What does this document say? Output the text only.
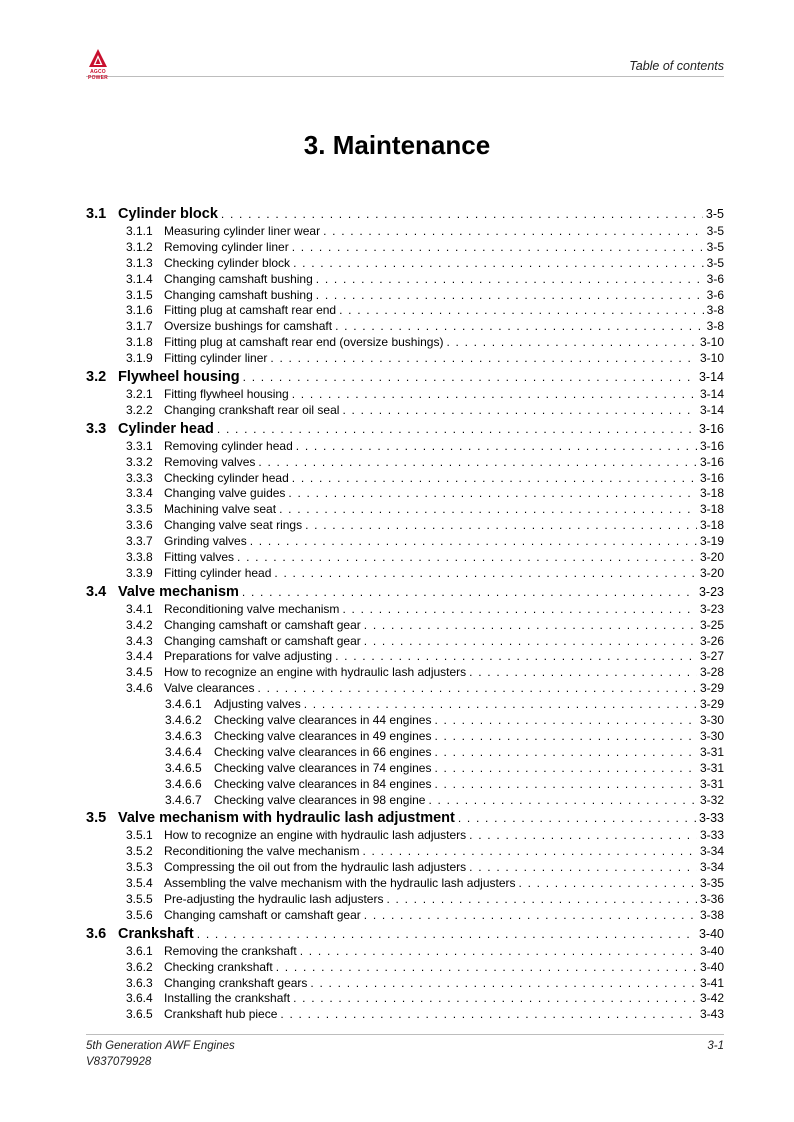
AGCO POWER
Table of contents
3. Maintenance
3.1 Cylinder block . . .	3-5
3.1.1 Measuring cylinder liner wear . . .	3-5
3.1.2 Removing cylinder liner . . .	3-5
3.1.3 Checking cylinder block . . .	3-5
3.1.4 Changing camshaft bushing . . .	3-6
3.1.5 Changing camshaft bushing . . .	3-6
3.1.6 Fitting plug at camshaft rear end . . .	3-8
3.1.7 Oversize bushings for camshaft . . .	3-8
3.1.8 Fitting plug at camshaft rear end (oversize bushings) . . .	3-10
3.1.9 Fitting cylinder liner . . .	3-10
3.2 Flywheel housing . . .	3-14
3.2.1 Fitting flywheel housing . . .	3-14
3.2.2 Changing crankshaft rear oil seal . . .	3-14
3.3 Cylinder head . . .	3-16
3.3.1 Removing cylinder head . . .	3-16
3.3.2 Removing valves . . .	3-16
3.3.3 Checking cylinder head . . .	3-16
3.3.4 Changing valve guides . . .	3-18
3.3.5 Machining valve seat . . .	3-18
3.3.6 Changing valve seat rings . . .	3-18
3.3.7 Grinding valves . . .	3-19
3.3.8 Fitting valves . . .	3-20
3.3.9 Fitting cylinder head . . .	3-20
3.4 Valve mechanism . . .	3-23
3.4.1 Reconditioning valve mechanism . . .	3-23
3.4.2 Changing camshaft or camshaft gear . . .	3-25
3.4.3 Changing camshaft or camshaft gear . . .	3-26
3.4.4 Preparations for valve adjusting . . .	3-27
3.4.5 How to recognize an engine with hydraulic lash adjusters . . .	3-28
3.4.6 Valve clearances . . .	3-29
3.4.6.1	Adjusting valves . . .	3-29
3.4.6.2	Checking valve clearances in 44 engines . . .	3-30
3.4.6.3	Checking valve clearances in 49 engines . . .	3-30
3.4.6.4	Checking valve clearances in 66 engines . . .	3-31
3.4.6.5	Checking valve clearances in 74 engines . . .	3-31
3.4.6.6	Checking valve clearances in 84 engines . . .	3-31
3.4.6.7	Checking valve clearances in 98 engine . . .	3-32
3.5 Valve mechanism with hydraulic lash adjustment . . .	3-33
3.5.1 How to recognize an engine with hydraulic lash adjusters . . .	3-33
3.5.2 Reconditioning the valve mechanism . . .	3-34
3.5.3 Compressing the oil out from the hydraulic lash adjusters . . .	3-34
3.5.4 Assembling the valve mechanism with the hydraulic lash adjusters . . .	3-35
3.5.5 Pre-adjusting the hydraulic lash adjusters . . .	3-36
3.5.6 Changing camshaft or camshaft gear . . .	3-38
3.6 Crankshaft . . .	3-40
3.6.1 Removing the crankshaft . . .	3-40
3.6.2 Checking crankshaft . . .	3-40
3.6.3 Changing crankshaft gears . . .	3-41
3.6.4 Installing the crankshaft . . .	3-42
3.6.5 Crankshaft hub piece . . .	3-43
5th Generation AWF Engines	3-1
V837079928
